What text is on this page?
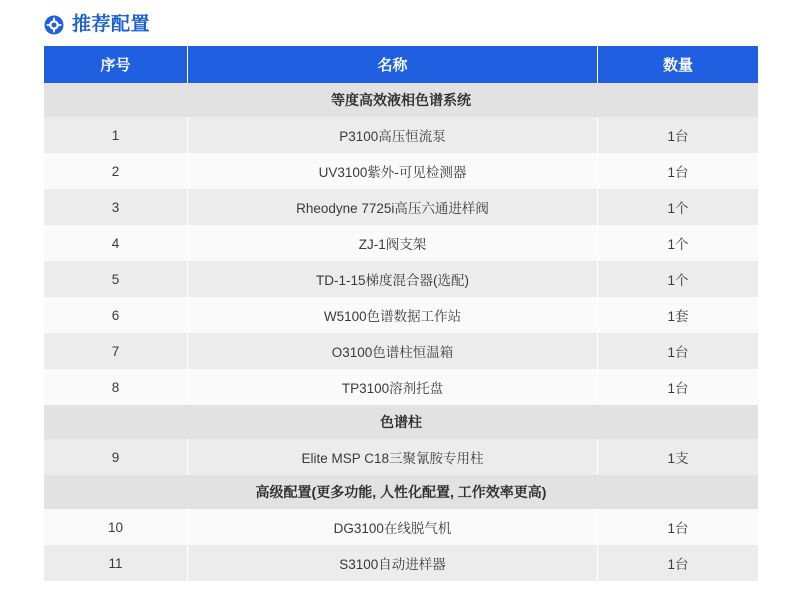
推荐配置
序号	名称	数量
等度高效液相色谱系统		
1	P3100高压恒流泵	1台
2	UV3100紫外-可见检测器	1台
3	Rheodyne 7725i高压六通进样阀	1个
4	ZJ-1阀支架	1个
5	TD-1-15梯度混合器(选配)	1个
6	W5100色谱数据工作站	1套
7	O3100色谱柱恒温箱	1台
8	TP3100溶剂托盘	1台
色谱柱		
9	Elite MSP C18三聚氰胺专用柱	1支
高级配置(更多功能, 人性化配置, 工作效率更高)		
10	DG3100在线脱气机	1台
11	S3100自动进样器	1台
